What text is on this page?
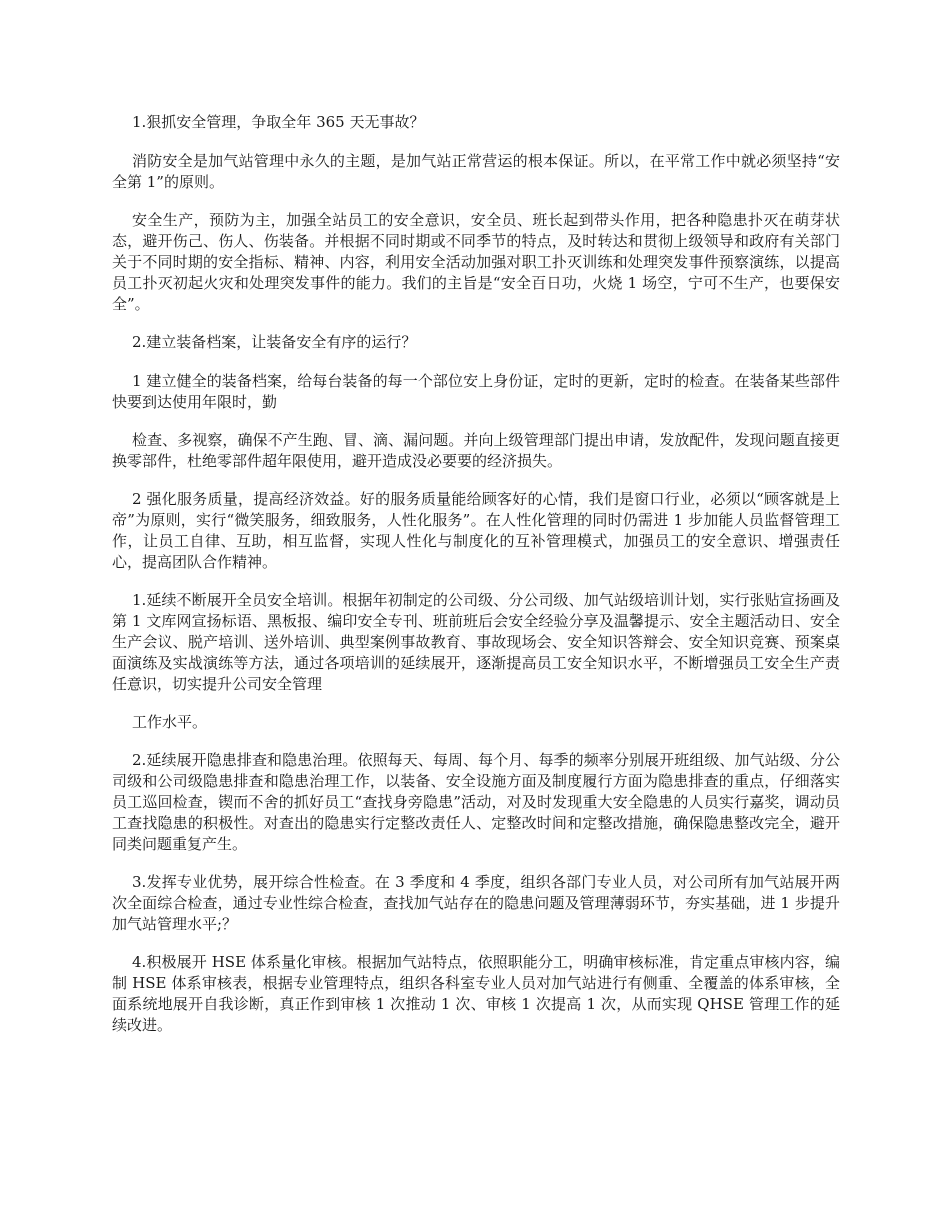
1.狠抓安全管理，争取全年 365 天无事故？

消防安全是加气站管理中永久的主题，是加气站正常营运的根本保证。所以，在平常工作中就必须坚持“安全第 1”的原则。

安全生产，预防为主，加强全站员工的安全意识，安全员、班长起到带头作用，把各种隐患扑灭在萌芽状态，避开伤己、伤人、伤装备。并根据不同时期或不同季节的特点，及时转达和贯彻上级领导和政府有关部门关于不同时期的安全指标、精神、内容，利用安全活动加强对职工扑灭训练和处理突发事件预察演练，以提高员工扑灭初起火灾和处理突发事件的能力。我们的主旨是“安全百日功，火烧 1 场空，宁可不生产，也要保安全”。

2.建立装备档案，让装备安全有序的运行？

1 建立健全的装备档案，给每台装备的每一个部位安上身份证，定时的更新，定时的检查。在装备某些部件快要到达使用年限时，勤

检查、多视察，确保不产生跑、冒、滴、漏问题。并向上级管理部门提出申请，发放配件，发现问题直接更换零部件，杜绝零部件超年限使用，避开造成没必要要的经济损失。

2 强化服务质量，提高经济效益。好的服务质量能给顾客好的心情，我们是窗口行业，必须以“顾客就是上帝”为原则，实行“微笑服务，细致服务，人性化服务”。在人性化管理的同时仍需进 1 步加能人员监督管理工作，让员工自律、互助，相互监督，实现人性化与制度化的互补管理模式，加强员工的安全意识、增强责任心，提高团队合作精神。

1.延续不断展开全员安全培训。根据年初制定的公司级、分公司级、加气站级培训计划，实行张贴宣扬画及第 1 文库网宣扬标语、黑板报、编印安全专刊、班前班后会安全经验分享及温馨提示、安全主题活动日、安全生产会议、脱产培训、送外培训、典型案例事故教育、事故现场会、安全知识答辩会、安全知识竞赛、预案桌面演练及实战演练等方法，通过各项培训的延续展开，逐渐提高员工安全知识水平，不断增强员工安全生产责任意识，切实提升公司安全管理

工作水平。

2.延续展开隐患排查和隐患治理。依照每天、每周、每个月、每季的频率分别展开班组级、加气站级、分公司级和公司级隐患排查和隐患治理工作，以装备、安全设施方面及制度履行方面为隐患排查的重点，仔细落实员工巡回检查，锲而不舍的抓好员工“查找身旁隐患”活动，对及时发现重大安全隐患的人员实行嘉奖，调动员工查找隐患的积极性。对查出的隐患实行定整改责任人、定整改时间和定整改措施，确保隐患整改完全，避开同类问题重复产生。

3.发挥专业优势，展开综合性检查。在 3 季度和 4 季度，组织各部门专业人员，对公司所有加气站展开两次全面综合检查，通过专业性综合检查，查找加气站存在的隐患问题及管理薄弱环节，夯实基础，进 1 步提升加气站管理水平;？

4.积极展开 HSE 体系量化审核。根据加气站特点，依照职能分工，明确审核标准，肯定重点审核内容，编制 HSE 体系审核表，根据专业管理特点，组织各科室专业人员对加气站进行有侧重、全覆盖的体系审核，全面系统地展开自我诊断，真正作到审核 1 次推动 1 次、审核 1 次提高 1 次，从而实现 QHSE 管理工作的延续改进。
